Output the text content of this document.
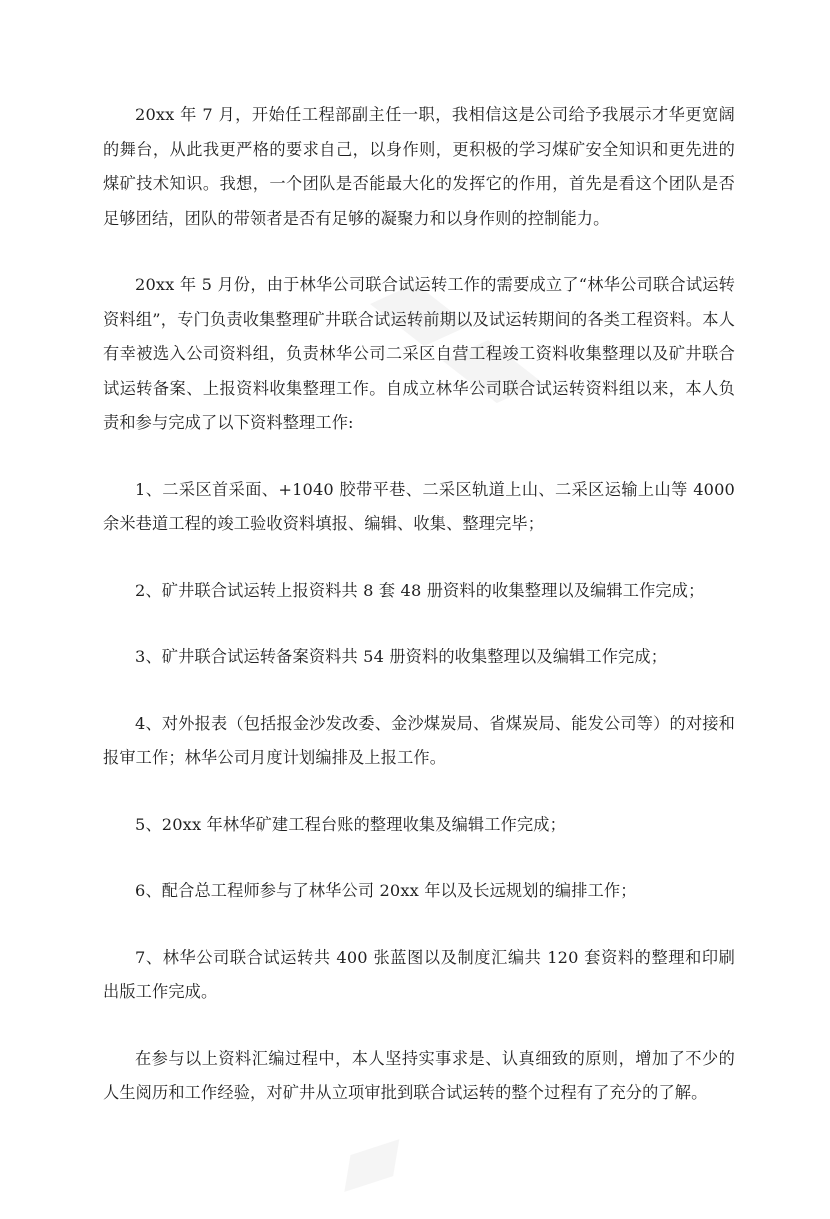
20xx 年 7 月，开始任工程部副主任一职，我相信这是公司给予我展示才华更宽阔的舞台，从此我更严格的要求自己，以身作则，更积极的学习煤矿安全知识和更先进的煤矿技术知识。我想，一个团队是否能最大化的发挥它的作用，首先是看这个团队是否足够团结，团队的带领者是否有足够的凝聚力和以身作则的控制能力。

20xx 年 5 月份，由于林华公司联合试运转工作的需要成立了“林华公司联合试运转资料组”，专门负责收集整理矿井联合试运转前期以及试运转期间的各类工程资料。本人有幸被选入公司资料组，负责林华公司二采区自营工程竣工资料收集整理以及矿井联合试运转备案、上报资料收集整理工作。自成立林华公司联合试运转资料组以来，本人负责和参与完成了以下资料整理工作:

1、二采区首采面、+1040 胶带平巷、二采区轨道上山、二采区运输上山等 4000余米巷道工程的竣工验收资料填报、编辑、收集、整理完毕；

2、矿井联合试运转上报资料共 8 套 48 册资料的收集整理以及编辑工作完成；

3、矿井联合试运转备案资料共 54 册资料的收集整理以及编辑工作完成；

4、对外报表（包括报金沙发改委、金沙煤炭局、省煤炭局、能发公司等）的对接和报审工作；林华公司月度计划编排及上报工作。

5、20xx 年林华矿建工程台账的整理收集及编辑工作完成；

6、配合总工程师参与了林华公司 20xx 年以及长远规划的编排工作；

7、林华公司联合试运转共 400 张蓝图以及制度汇编共 120 套资料的整理和印刷出版工作完成。

在参与以上资料汇编过程中，本人坚持实事求是、认真细致的原则，增加了不少的人生阅历和工作经验，对矿井从立项审批到联合试运转的整个过程有了充分的了解。
